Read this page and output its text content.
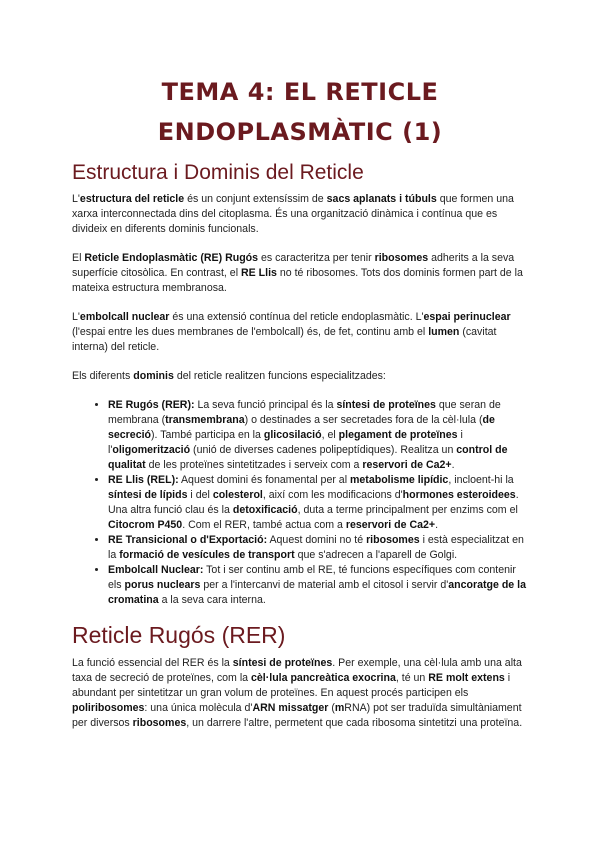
TEMA 4: EL RETICLE
ENDOPLASMÀTIC (1)
Estructura i Dominis del Reticle

L'estructura del reticle és un conjunt extensíssim de sacs aplanats i túbuls que formen una xarxa interconnectada dins del citoplasma. És una organització dinàmica i contínua que es divideix en diferents dominis funcionals.

El Reticle Endoplasmàtic (RE) Rugós es caracteritza per tenir ribosomes adherits a la seva superfície citosòlica. En contrast, el RE Llis no té ribosomes. Tots dos dominis formen part de la mateixa estructura membranosa.

L'embolcall nuclear és una extensió contínua del reticle endoplasmàtic. L'espai perinuclear (l'espai entre les dues membranes de l'embolcall) és, de fet, continu amb el lumen (cavitat interna) del reticle.

Els diferents dominis del reticle realitzen funcions especialitzades:

• RE Rugós (RER): La seva funció principal és la síntesi de proteïnes que seran de membrana (transmembrana) o destinades a ser secretades fora de la cèl·lula (de secreció). També participa en la glicosilació, el plegament de proteïnes i l'oligomerització (unió de diverses cadenes polipeptídiques). Realitza un control de qualitat de les proteïnes sintetitzades i serveix com a reservori de Ca2+.
• RE Llis (REL): Aquest domini és fonamental per al metabolisme lipídic, incloent-hi la síntesi de lípids i del colesterol, així com les modificacions d'hormones esteroidees. Una altra funció clau és la detoxificació, duta a terme principalment per enzims com el Citocrom P450. Com el RER, també actua com a reservori de Ca2+.
• RE Transicional o d'Exportació: Aquest domini no té ribosomes i està especialitzat en la formació de vesícules de transport que s'adrecen a l'aparell de Golgi.
• Embolcall Nuclear: Tot i ser continu amb el RE, té funcions específiques com contenir els porus nuclears per a l'intercanvi de material amb el citosol i servir d'ancoratge de la cromatina a la seva cara interna.
Reticle Rugós (RER)

La funció essencial del RER és la síntesi de proteïnes. Per exemple, una cèl·lula amb una alta taxa de secreció de proteïnes, com la cèl·lula pancreàtica exocrina, té un RE molt extens i abundant per sintetitzar un gran volum de proteïnes. En aquest procés participen els poliribosomes: una única molècula d'ARN missatger (mRNA) pot ser traduïda simultàniament per diversos ribosomes, un darrere l'altre, permetent que cada ribosoma sintetitzi una proteïna.
